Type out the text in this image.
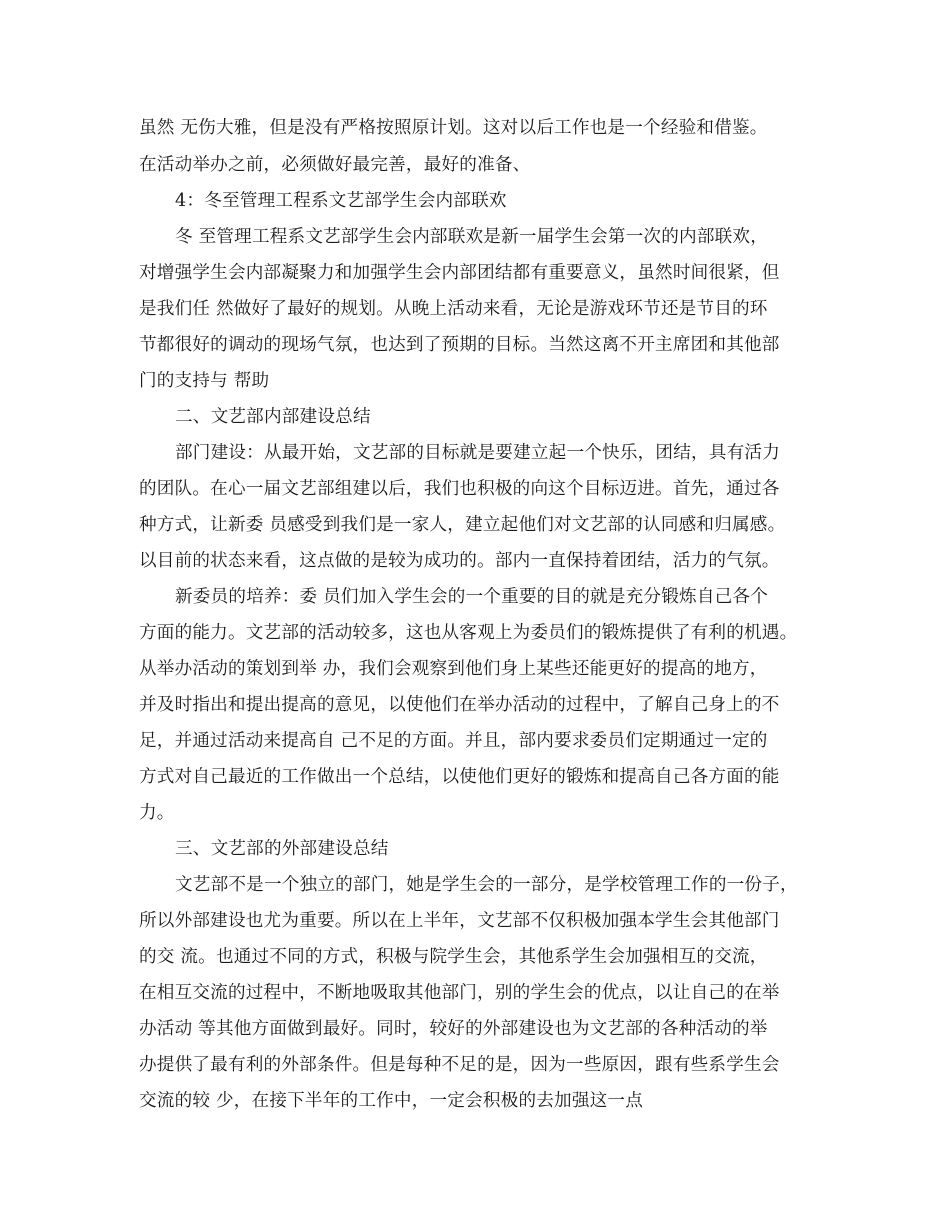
虽然 无伤大雅，但是没有严格按照原计划。这对以后工作也是一个经验和借鉴。
在活动举办之前，必须做好最完善，最好的准备、
4：冬至管理工程系文艺部学生会内部联欢
冬 至管理工程系文艺部学生会内部联欢是新一届学生会第一次的内部联欢，
对增强学生会内部凝聚力和加强学生会内部团结都有重要意义，虽然时间很紧，但
是我们任 然做好了最好的规划。从晚上活动来看，无论是游戏环节还是节目的环
节都很好的调动的现场气氛，也达到了预期的目标。当然这离不开主席团和其他部
门的支持与 帮助
二、文艺部内部建设总结
部门建设：从最开始，文艺部的目标就是要建立起一个快乐，团结，具有活力
的团队。在心一届文艺部组建以后，我们也积极的向这个目标迈进。首先，通过各
种方式，让新委 员感受到我们是一家人，建立起他们对文艺部的认同感和归属感。
以目前的状态来看，这点做的是较为成功的。部内一直保持着团结，活力的气氛。
新委员的培养：委 员们加入学生会的一个重要的目的就是充分锻炼自己各个
方面的能力。文艺部的活动较多，这也从客观上为委员们的锻炼提供了有利的机遇。
从举办活动的策划到举 办，我们会观察到他们身上某些还能更好的提高的地方，
并及时指出和提出提高的意见，以使他们在举办活动的过程中，了解自己身上的不
足，并通过活动来提高自 己不足的方面。并且，部内要求委员们定期通过一定的
方式对自己最近的工作做出一个总结，以使他们更好的锻炼和提高自己各方面的能
力。
三、文艺部的外部建设总结
文艺部不是一个独立的部门，她是学生会的一部分，是学校管理工作的一份子，
所以外部建设也尤为重要。所以在上半年，文艺部不仅积极加强本学生会其他部门
的交 流。也通过不同的方式，积极与院学生会，其他系学生会加强相互的交流，
在相互交流的过程中，不断地吸取其他部门，别的学生会的优点，以让自己的在举
办活动 等其他方面做到最好。同时，较好的外部建设也为文艺部的各种活动的举
办提供了最有利的外部条件。但是每种不足的是，因为一些原因，跟有些系学生会
交流的较 少，在接下半年的工作中，一定会积极的去加强这一点
